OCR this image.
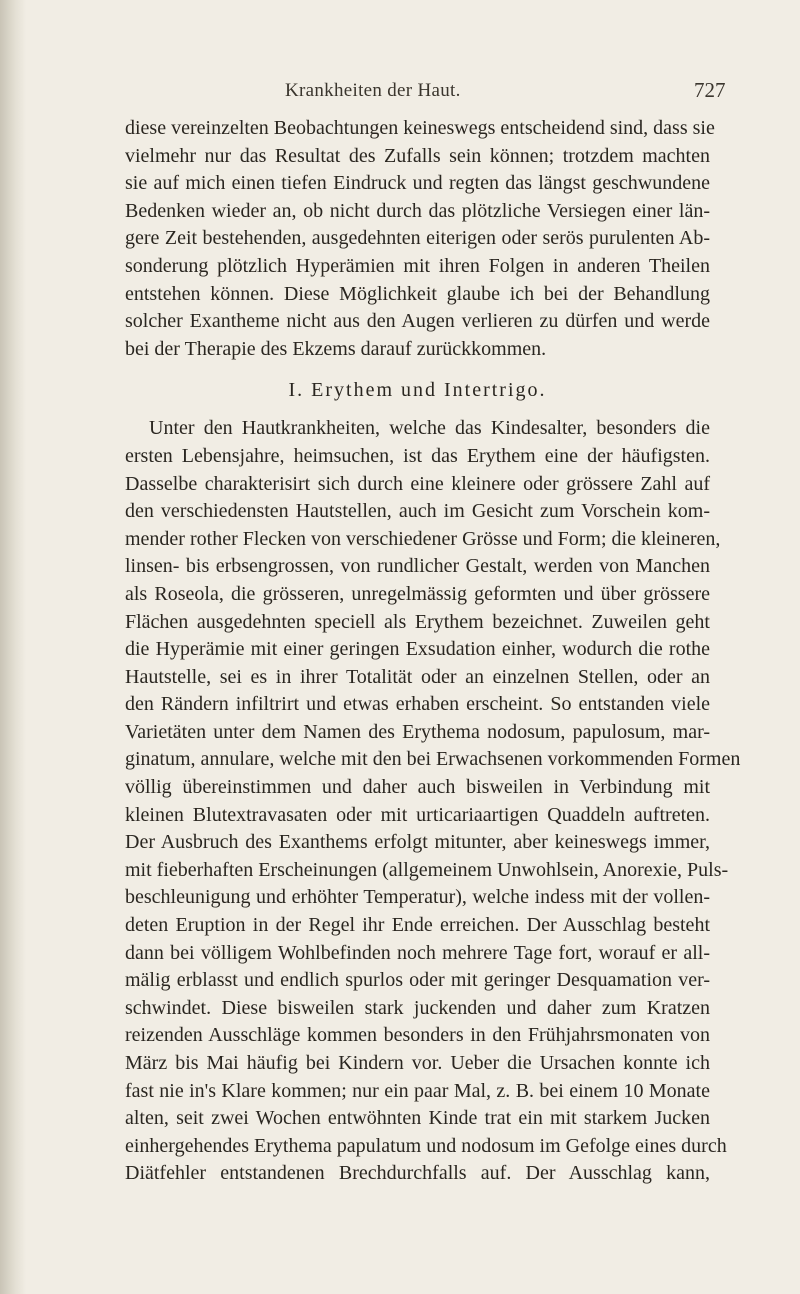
Krankheiten der Haut.	727
diese vereinzelten Beobachtungen keineswegs entscheidend sind, dass sie
vielmehr nur das Resultat des Zufalls sein können; trotzdem machten
sie auf mich einen tiefen Eindruck und regten das längst geschwundene
Bedenken wieder an, ob nicht durch das plötzliche Versiegen einer län-
gere Zeit bestehenden, ausgedehnten eiterigen oder serös purulenten Ab-
sonderung plötzlich Hyperämien mit ihren Folgen in anderen Theilen
entstehen können. Diese Möglichkeit glaube ich bei der Behandlung
solcher Exantheme nicht aus den Augen verlieren zu dürfen und werde
bei der Therapie des Ekzems darauf zurückkommen.
I. Erythem und Intertrigo.
Unter den Hautkrankheiten, welche das Kindesalter, besonders die
ersten Lebensjahre, heimsuchen, ist das Erythem eine der häufigsten.
Dasselbe charakterisirt sich durch eine kleinere oder grössere Zahl auf
den verschiedensten Hautstellen, auch im Gesicht zum Vorschein kom-
mender rother Flecken von verschiedener Grösse und Form; die kleineren,
linsen- bis erbsengrossen, von rundlicher Gestalt, werden von Manchen
als Roseola, die grösseren, unregelmässig geformten und über grössere
Flächen ausgedehnten speciell als Erythem bezeichnet. Zuweilen geht
die Hyperämie mit einer geringen Exsudation einher, wodurch die rothe
Hautstelle, sei es in ihrer Totalität oder an einzelnen Stellen, oder an
den Rändern infiltrirt und etwas erhaben erscheint. So entstanden viele
Varietäten unter dem Namen des Erythema nodosum, papulosum, mar-
ginatum, annulare, welche mit den bei Erwachsenen vorkommenden Formen
völlig übereinstimmen und daher auch bisweilen in Verbindung mit
kleinen Blutextravasaten oder mit urticariaartigen Quaddeln auftreten.
Der Ausbruch des Exanthems erfolgt mitunter, aber keineswegs immer,
mit fieberhaften Erscheinungen (allgemeinem Unwohlsein, Anorexie, Puls-
beschleunigung und erhöhter Temperatur), welche indess mit der vollen-
deten Eruption in der Regel ihr Ende erreichen. Der Ausschlag besteht
dann bei völligem Wohlbefinden noch mehrere Tage fort, worauf er all-
mälig erblasst und endlich spurlos oder mit geringer Desquamation ver-
schwindet. Diese bisweilen stark juckenden und daher zum Kratzen
reizenden Ausschläge kommen besonders in den Frühjahrsmonaten von
März bis Mai häufig bei Kindern vor. Ueber die Ursachen konnte ich
fast nie in's Klare kommen; nur ein paar Mal, z. B. bei einem 10 Monate
alten, seit zwei Wochen entwöhnten Kinde trat ein mit starkem Jucken
einhergehendes Erythema papulatum und nodosum im Gefolge eines durch
Diätfehler entstandenen Brechdurchfalls auf. Der Ausschlag kann,
